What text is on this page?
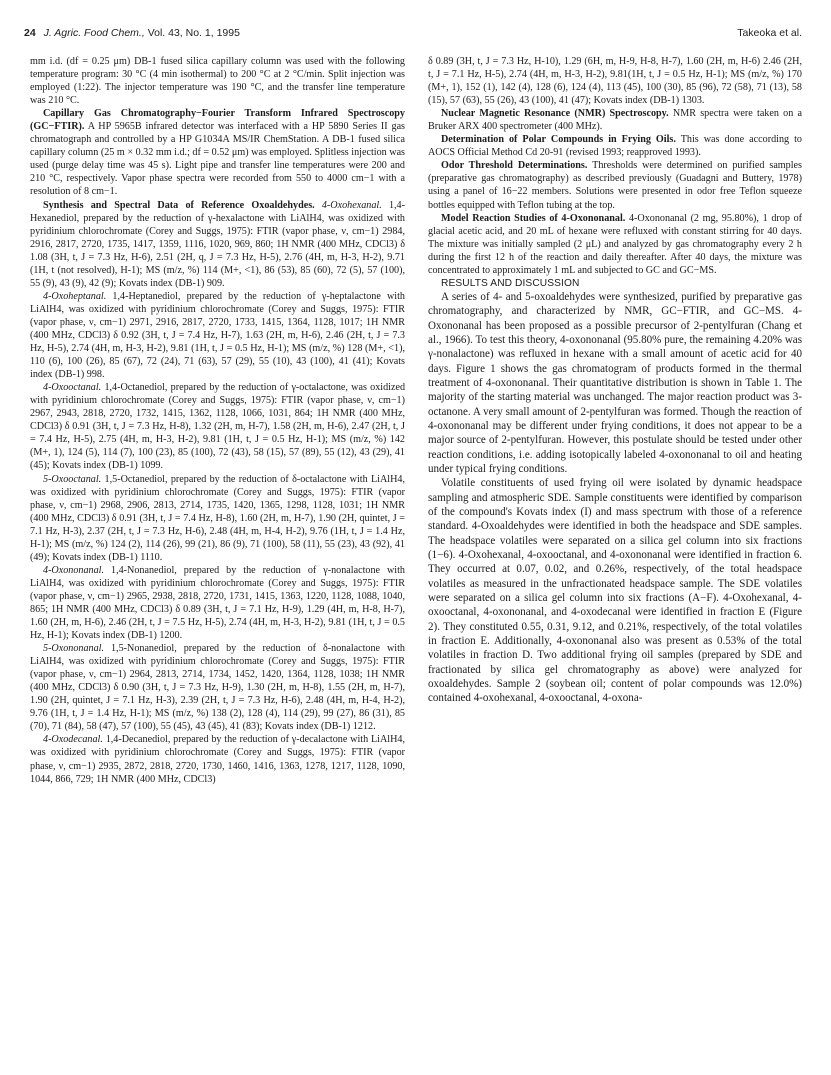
24 J. Agric. Food Chem., Vol. 43, No. 1, 1995	Takeoka et al.

mm i.d. (df = 0.25 μm) DB-1 fused silica capillary column was used with the following temperature program: 30 °C (4 min isothermal) to 200 °C at 2 °C/min. Split injection was employed (1:22). The injector temperature was 190 °C, and the transfer line temperature was 210 °C.

Capillary Gas Chromatography−Fourier Transform Infrared Spectroscopy (GC−FTIR). A HP 5965B infrared detector was interfaced with a HP 5890 Series II gas chromatograph and controlled by a HP G1034A MS/IR ChemStation. A DB-1 fused silica capillary column (25 m × 0.32 mm i.d.; df = 0.52 μm) was employed. Splitless injection was used (purge delay time was 45 s). Light pipe and transfer line temperatures were 200 and 210 °C, respectively. Vapor phase spectra were recorded from 550 to 4000 cm−1 with a resolution of 8 cm−1.

Synthesis and Spectral Data of Reference Oxoaldehydes. 4-Oxohexanal. 1,4-Hexanediol, prepared by the reduction of γ-hexalactone with LiAlH4, was oxidized with pyridinium chlorochromate (Corey and Suggs, 1975): FTIR (vapor phase, ν, cm−1) 2984, 2916, 2817, 2720, 1735, 1417, 1359, 1116, 1020, 969, 860; 1H NMR (400 MHz, CDCl3) δ 1.08 (3H, t, J = 7.3 Hz, H-6), 2.51 (2H, q, J = 7.3 Hz, H-5), 2.76 (4H, m, H-3, H-2), 9.71 (1H, t (not resolved), H-1); MS (m/z, %) 114 (M+, <1), 86 (53), 85 (60), 72 (5), 57 (100), 55 (9), 43 (9), 42 (9); Kovats index (DB-1) 909.

4-Oxoheptanal. 1,4-Heptanediol, prepared by the reduction of γ-heptalactone with LiAlH4, was oxidized with pyridinium chlorochromate (Corey and Suggs, 1975): FTIR (vapor phase, ν, cm−1) 2971, 2916, 2817, 2720, 1733, 1415, 1364, 1128, 1017; 1H NMR (400 MHz, CDCl3) δ 0.92 (3H, t, J = 7.4 Hz, H-7), 1.63 (2H, m, H-6), 2.46 (2H, t, J = 7.3 Hz, H-5), 2.74 (4H, m, H-3, H-2), 9.81 (1H, t, J = 0.5 Hz, H-1); MS (m/z, %) 128 (M+, <1), 110 (6), 100 (26), 85 (67), 72 (24), 71 (63), 57 (29), 55 (10), 43 (100), 41 (41); Kovats index (DB-1) 998.

4-Oxooctanal. 1,4-Octanediol, prepared by the reduction of γ-octalactone, was oxidized with pyridinium chlorochromate (Corey and Suggs, 1975): FTIR (vapor phase, ν, cm−1) 2967, 2943, 2818, 2720, 1732, 1415, 1362, 1128, 1066, 1031, 864; 1H NMR (400 MHz, CDCl3) δ 0.91 (3H, t, J = 7.3 Hz, H-8), 1.32 (2H, m, H-7), 1.58 (2H, m, H-6), 2.47 (2H, t, J = 7.4 Hz, H-5), 2.75 (4H, m, H-3, H-2), 9.81 (1H, t, J = 0.5 Hz, H-1); MS (m/z, %) 142 (M+, 1), 124 (5), 114 (7), 100 (23), 85 (100), 72 (43), 58 (15), 57 (89), 55 (12), 43 (29), 41 (45); Kovats index (DB-1) 1099.

5-Oxooctanal. 1,5-Octanediol, prepared by the reduction of δ-octalactone with LiAlH4, was oxidized with pyridinium chlorochromate (Corey and Suggs, 1975): FTIR (vapor phase, ν, cm−1) 2968, 2906, 2813, 2714, 1735, 1420, 1365, 1298, 1128, 1031; 1H NMR (400 MHz, CDCl3) δ 0.91 (3H, t, J = 7.4 Hz, H-8), 1.60 (2H, m, H-7), 1.90 (2H, quintet, J = 7.1 Hz, H-3), 2.37 (2H, t, J = 7.3 Hz, H-6), 2.48 (4H, m, H-4, H-2), 9.76 (1H, t, J = 1.4 Hz, H-1); MS (m/z, %) 124 (2), 114 (26), 99 (21), 86 (9), 71 (100), 58 (11), 55 (23), 43 (92), 41 (49); Kovats index (DB-1) 1110.

4-Oxononanal. 1,4-Nonanediol, prepared by the reduction of γ-nonalactone with LiAlH4, was oxidized with pyridinium chlorochromate (Corey and Suggs, 1975): FTIR (vapor phase, ν, cm−1) 2965, 2938, 2818, 2720, 1731, 1415, 1363, 1220, 1128, 1088, 1040, 865; 1H NMR (400 MHz, CDCl3) δ 0.89 (3H, t, J = 7.1 Hz, H-9), 1.29 (4H, m, H-8, H-7), 1.60 (2H, m, H-6), 2.46 (2H, t, J = 7.5 Hz, H-5), 2.74 (4H, m, H-3, H-2), 9.81 (1H, t, J = 0.5 Hz, H-1); Kovats index (DB-1) 1200.

5-Oxononanal. 1,5-Nonanediol, prepared by the reduction of δ-nonalactone with LiAlH4, was oxidized with pyridinium chlorochromate (Corey and Suggs, 1975): FTIR (vapor phase, ν, cm−1) 2964, 2813, 2714, 1734, 1452, 1420, 1364, 1128, 1038; 1H NMR (400 MHz, CDCl3) δ 0.90 (3H, t, J = 7.3 Hz, H-9), 1.30 (2H, m, H-8), 1.55 (2H, m, H-7), 1.90 (2H, quintet, J = 7.1 Hz, H-3), 2.39 (2H, t, J = 7.3 Hz, H-6), 2.48 (4H, m, H-4, H-2), 9.76 (1H, t, J = 1.4 Hz, H-1); MS (m/z, %) 138 (2), 128 (4), 114 (29), 99 (27), 86 (31), 85 (70), 71 (84), 58 (47), 57 (100), 55 (45), 43 (45), 41 (83); Kovats index (DB-1) 1212.

4-Oxodecanal. 1,4-Decanediol, prepared by the reduction of γ-decalactone with LiAlH4, was oxidized with pyridinium chlorochromate (Corey and Suggs, 1975): FTIR (vapor phase, ν, cm−1) 2935, 2872, 2818, 2720, 1730, 1460, 1416, 1363, 1278, 1217, 1128, 1090, 1044, 866, 729; 1H NMR (400 MHz, CDCl3)

δ 0.89 (3H, t, J = 7.3 Hz, H-10), 1.29 (6H, m, H-9, H-8, H-7), 1.60 (2H, m, H-6) 2.46 (2H, t, J = 7.1 Hz, H-5), 2.74 (4H, m, H-3, H-2), 9.81(1H, t, J = 0.5 Hz, H-1); MS (m/z, %) 170 (M+, 1), 152 (1), 142 (4), 128 (6), 124 (4), 113 (45), 100 (30), 85 (96), 72 (58), 71 (13), 58 (15), 57 (63), 55 (26), 43 (100), 41 (47); Kovats index (DB-1) 1303.

Nuclear Magnetic Resonance (NMR) Spectroscopy. NMR spectra were taken on a Bruker ARX 400 spectrometer (400 MHz).

Determination of Polar Compounds in Frying Oils. This was done according to AOCS Official Method Cd 20-91 (revised 1993; reapproved 1993).

Odor Threshold Determinations. Thresholds were determined on purified samples (preparative gas chromatography) as described previously (Guadagni and Buttery, 1978) using a panel of 16−22 members. Solutions were presented in odor free Teflon squeeze bottles equipped with Teflon tubing at the top.

Model Reaction Studies of 4-Oxononanal. 4-Oxononanal (2 mg, 95.80%), 1 drop of glacial acetic acid, and 20 mL of hexane were refluxed with constant stirring for 40 days. The mixture was initially sampled (2 μL) and analyzed by gas chromatography every 2 h during the first 12 h of the reaction and daily thereafter. After 40 days, the mixture was concentrated to approximately 1 mL and subjected to GC and GC−MS.

RESULTS AND DISCUSSION

A series of 4- and 5-oxoaldehydes were synthesized, purified by preparative gas chromatography, and characterized by NMR, GC−FTIR, and GC−MS. 4-Oxononanal has been proposed as a possible precursor of 2-pentylfuran (Chang et al., 1966). To test this theory, 4-oxononanal (95.80% pure, the remaining 4.20% was γ-nonalactone) was refluxed in hexane with a small amount of acetic acid for 40 days. Figure 1 shows the gas chromatogram of products formed in the thermal treatment of 4-oxononanal. Their quantitative distribution is shown in Table 1. The majority of the starting material was unchanged. The major reaction product was 3-octanone. A very small amount of 2-pentylfuran was formed. Though the reaction of 4-oxononanal may be different under frying conditions, it does not appear to be a major source of 2-pentylfuran. However, this postulate should be tested under other reaction conditions, i.e. adding isotopically labeled 4-oxononanal to oil and heating under typical frying conditions.

Volatile constituents of used frying oil were isolated by dynamic headspace sampling and atmospheric SDE. Sample constituents were identified by comparison of the compound's Kovats index (I) and mass spectrum with those of a reference standard. 4-Oxoaldehydes were identified in both the headspace and SDE samples. The headspace volatiles were separated on a silica gel column into six fractions (1−6). 4-Oxohexanal, 4-oxooctanal, and 4-oxononanal were identified in fraction 6. They occurred at 0.07, 0.02, and 0.26%, respectively, of the total headspace volatiles as measured in the unfractionated headspace sample. The SDE volatiles were separated on a silica gel column into six fractions (A−F). 4-Oxohexanal, 4-oxooctanal, 4-oxononanal, and 4-oxodecanal were identified in fraction E (Figure 2). They constituted 0.55, 0.31, 9.12, and 0.21%, respectively, of the total volatiles in fraction E. Additionally, 4-oxononanal also was present as 0.53% of the total volatiles in fraction D. Two additional frying oil samples (prepared by SDE and fractionated by silica gel chromatography as above) were analyzed for oxoaldehydes. Sample 2 (soybean oil; content of polar compounds was 12.0%) contained 4-oxohexanal, 4-oxooctanal, 4-oxona-
